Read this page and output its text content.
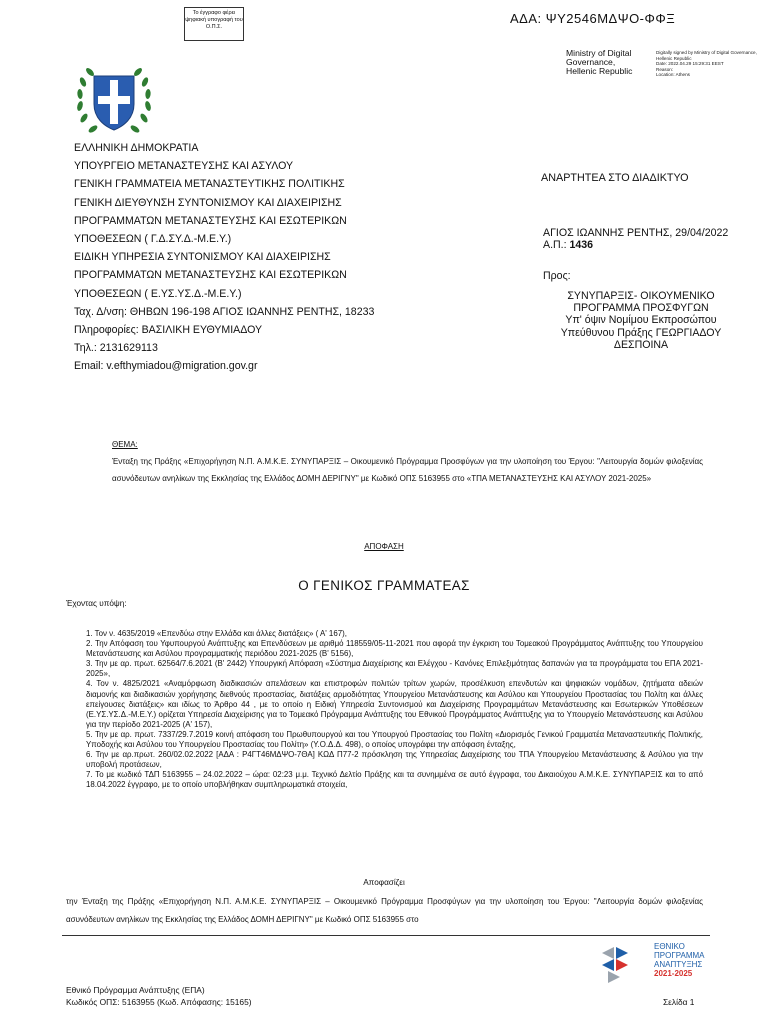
Το έγγραφο φέρει ψηφιακή υπογραφή του Ο.Π.Σ.
ΑΔΑ: ΨΥ2546ΜΔΨΟ-ΦΦΞ
Ministry of Digital Governance, Hellenic Republic
Digitally signed by Ministry of Digital Governance, Hellenic Republic
Date: 2022.04.29 15:29:31 EEST
Reason:
Location: Athens
ΕΛΛΗΝΙΚΗ ΔΗΜΟΚΡΑΤΙΑ
ΥΠΟΥΡΓΕΙΟ ΜΕΤΑΝΑΣΤΕΥΣΗΣ ΚΑΙ ΑΣΥΛΟΥ
ΓΕΝΙΚΗ ΓΡΑΜΜΑΤΕΙΑ ΜΕΤΑΝΑΣΤΕΥΤΙΚΗΣ ΠΟΛΙΤΙΚΗΣ
ΓΕΝΙΚΗ ΔΙΕΥΘΥΝΣΗ ΣΥΝΤΟΝΙΣΜΟΥ ΚΑΙ ΔΙΑΧΕΙΡΙΣΗΣ
ΠΡΟΓΡΑΜΜΑΤΩΝ ΜΕΤΑΝΑΣΤΕΥΣΗΣ ΚΑΙ ΕΣΩΤΕΡΙΚΩΝ
ΥΠΟΘΕΣΕΩΝ ( Γ.Δ.ΣΥ.Δ.-Μ.Ε.Υ.)
ΕΙΔΙΚΗ ΥΠΗΡΕΣΙΑ ΣΥΝΤΟΝΙΣΜΟΥ ΚΑΙ ΔΙΑΧΕΙΡΙΣΗΣ
ΠΡΟΓΡΑΜΜΑΤΩΝ ΜΕΤΑΝΑΣΤΕΥΣΗΣ ΚΑΙ ΕΣΩΤΕΡΙΚΩΝ
ΥΠΟΘΕΣΕΩΝ ( Ε.ΥΣ.ΥΣ.Δ.-Μ.Ε.Υ.)
Ταχ. Δ/νση: ΘΗΒΩΝ 196-198 ΑΓΙΟΣ ΙΩΑΝΝΗΣ ΡΕΝΤΗΣ, 18233
Πληροφορίες: ΒΑΣΙΛΙΚΗ ΕΥΘΥΜΙΑΔΟΥ
Τηλ.: 2131629113
Email: v.efthymiadou@migration.gov.gr
ΑΝΑΡΤΗΤΕΑ ΣΤΟ ΔΙΑΔΙΚΤΥΟ
ΑΓΙΟΣ ΙΩΑΝΝΗΣ ΡΕΝΤΗΣ, 29/04/2022
Α.Π.: 1436
Προς:
ΣΥΝΥΠΑΡΞΙΣ- ΟΙΚΟΥΜΕΝΙΚΟ
ΠΡΟΓΡΑΜΜΑ ΠΡΟΣΦΥΓΩΝ
Υπ' όψιν Νομίμου Εκπροσώπου
Υπεύθυνου Πράξης ΓΕΩΡΓΙΑΔΟΥ
ΔΕΣΠΟΙΝΑ
ΘΕΜΑ:
Ένταξη της Πράξης «Επιχορήγηση Ν.Π. Α.Μ.Κ.Ε. ΣΥΝΥΠΑΡΞΙΣ – Οικουμενικό Πρόγραμμα Προσφύγων για την υλοποίηση του Έργου: "Λειτουργία δομών φιλοξενίας ασυνόδευτων ανηλίκων της Εκκλησίας της Ελλάδος ΔΟΜΗ ΔΕΡΙΓΝΥ" με Κωδικό ΟΠΣ 5163955 στο «ΤΠΑ ΜΕΤΑΝΑΣΤΕΥΣΗΣ ΚΑΙ ΑΣΥΛΟΥ 2021-2025»
ΑΠΟΦΑΣΗ
Ο ΓΕΝΙΚΟΣ ΓΡΑΜΜΑΤΕΑΣ
Έχοντας υπόψη:
1. Τον ν. 4635/2019 «Επενδύω στην Ελλάδα και άλλες διατάξεις» ( Α' 167),
2. Την Απόφαση του Υφυπουργού Ανάπτυξης και Επενδύσεων με αριθμό 118559/05-11-2021 που αφορά την έγκριση του Τομεακού Προγράμματος Ανάπτυξης του Υπουργείου Μετανάστευσης και Ασύλου προγραμματικής περιόδου 2021-2025 (Β' 5156),
3. Την με αρ. πρωτ. 62564/7.6.2021 (Β' 2442) Υπουργική Απόφαση «Σύστημα Διαχείρισης και Ελέγχου - Κανόνες Επιλεξιμότητας δαπανών για τα προγράμματα του ΕΠΑ 2021-2025»,
4. Τον ν. 4825/2021 «Αναμόρφωση διαδικασιών απελάσεων και επιστροφών πολιτών τρίτων χωρών, προσέλκυση επενδυτών και ψηφιακών νομάδων, ζητήματα αδειών διαμονής και διαδικασιών χορήγησης διεθνούς προστασίας, διατάξεις αρμοδιότητας Υπουργείου Μετανάστευσης και Ασύλου και Υπουργείου Προστασίας του Πολίτη και άλλες επείγουσες διατάξεις» και ιδίως το Άρθρο 44 , με το οποίο η Ειδική Υπηρεσία Συντονισμού και Διαχείρισης Προγραμμάτων Μετανάστευσης και Εσωτερικών Υποθέσεων (Ε.ΥΣ.ΥΣ.Δ.-Μ.Ε.Υ.) ορίζεται Υπηρεσία Διαχείρισης για το Τομεακό Πρόγραμμα Ανάπτυξης του Εθνικού Προγράμματος Ανάπτυξης για το Υπουργείο Μετανάστευσης και Ασύλου για την περίοδο 2021-2025 (Α' 157),
5. Την με αρ. πρωτ. 7337/29.7.2019 κοινή απόφαση του Πρωθυπουργού και του Υπουργού Προστασίας του Πολίτη «Διορισμός Γενικού Γραμματέα Μεταναστευτικής Πολιτικής, Υποδοχής και Ασύλου του Υπουργείου Προστασίας του Πολίτη» (Υ.Ο.Δ.Δ. 498), ο οποίος υπογράφει την απόφαση ένταξης,
6. Την με αρ.πρωτ. 260/02.02.2022 [ΑΔΑ : Ρ4ΓΤ46ΜΔΨΟ-7ΘΑ] ΚΩΔ Π77-2 πρόσκληση της Υπηρεσίας Διαχείρισης του ΤΠΑ Υπουργείου Μετανάστευσης & Ασύλου για την υποβολή προτάσεων,
7. Το με κωδικό ΤΔΠ 5163955 – 24.02.2022 – ώρα: 02:23 μ.μ. Τεχνικό Δελτίο Πράξης και τα συνημμένα σε αυτό έγγραφα, του Δικαιούχου Α.Μ.Κ.Ε. ΣΥΝΥΠΑΡΞΙΣ και το από 18.04.2022 έγγραφο, με το οποίο υποβλήθηκαν συμπληρωματικά στοιχεία,
Αποφασίζει
την Ένταξη της Πράξης «Επιχορήγηση Ν.Π. Α.Μ.Κ.Ε. ΣΥΝΥΠΑΡΞΙΣ – Οικουμενικό Πρόγραμμα Προσφύγων για την υλοποίηση του Έργου: "Λειτουργία δομών φιλοξενίας ασυνόδευτων ανηλίκων της Εκκλησίας της Ελλάδος ΔΟΜΗ ΔΕΡΙΓΝΥ" με Κωδικό ΟΠΣ 5163955 στο
ΕΘΝΙΚΟ
ΠΡΟΓΡΑΜΜΑ
ΑΝΑΠΤΥΞΗΣ
2021-2025
Εθνικό Πρόγραμμα Ανάπτυξης (ΕΠΑ)
Κωδικός ΟΠΣ: 5163955 (Κωδ. Απόφασης: 15165)	Σελίδα 1
